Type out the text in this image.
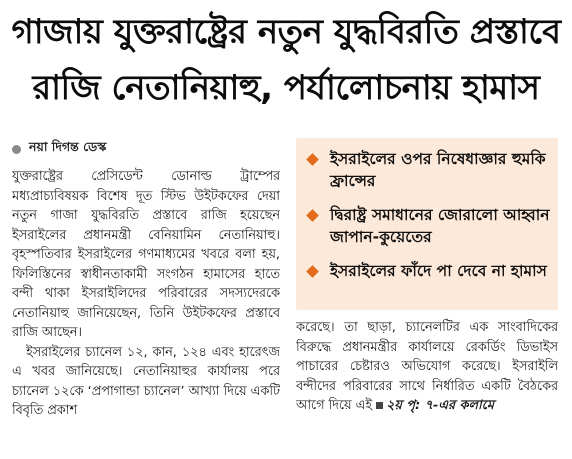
গাজায় যুক্তরাষ্ট্রের নতুন যুদ্ধবিরতি প্রস্তাবে
রাজি নেতানিয়াহু, পর্যালোচনায় হামাস
নয়া দিগন্ত ডেস্ক

যুক্তরাষ্ট্রের প্রেসিডেন্ট ডোনাল্ড ট্রাম্পের মধ্যপ্রাচ্যবিষয়ক বিশেষ দূত স্টিভ উইটকফের দেয়া নতুন গাজা যুদ্ধবিরতি প্রস্তাবে রাজি হয়েছেন ইসরাইলের প্রধানমন্ত্রী বেনিয়ামিন নেতানিয়াহু। বৃহস্পতিবার ইসরাইলের গণমাধ্যমের খবরে বলা হয়, ফিলিস্তিনের স্বাধীনতাকামী সংগঠন হামাসের হাতে বন্দী থাকা ইসরাইলিদের পরিবারের সদস্যদেরকে নেতানিয়াহু জানিয়েছেন, তিনি উইটকফের প্রস্তাবে রাজি আছেন।

ইসরাইলের চ্যানেল ১২, কান, ১২৪ এবং হারেৎজ এ খবর জানিয়েছে। নেতানিয়াহুর কার্যালয় পরে চ্যানেল ১২কে ‘প্রপাগান্ডা চ্যানেল’ আখ্যা দিয়ে একটি বিবৃতি প্রকাশ

ইসরাইলের ওপর নিষেধাজ্ঞার হুমকি ফ্রান্সের
দ্বিরাষ্ট্র সমাধানের জোরালো আহ্বান জাপান-কুয়েতের
ইসরাইলের ফাঁদে পা দেবে না হামাস

করেছে। তা ছাড়া, চ্যানেলটির এক সাংবাদিকের বিরুদ্ধে প্রধানমন্ত্রীর কার্যালয়ে রেকর্ডিং ডিভাইস পাচারের চেষ্টারও অভিযোগ করেছে। ইসরাইলি বন্দীদের পরিবারের সাথে নির্ধারিত একটি বৈঠকের আগে দিয়ে এই ২য় পৃ: ৭-এর কলামে
